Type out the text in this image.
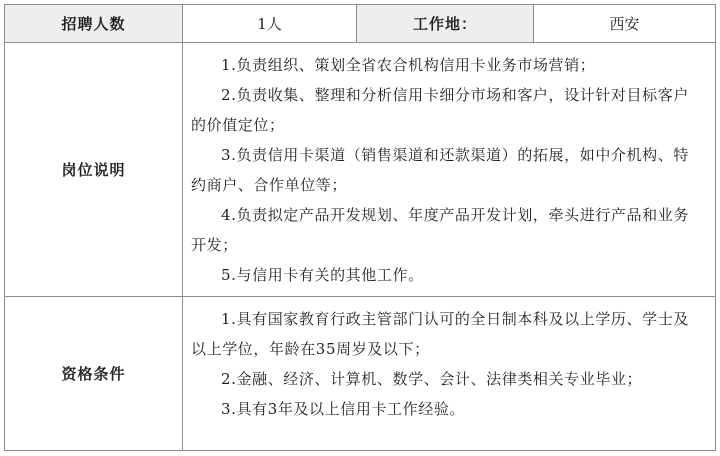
招聘人数	1人	工作地：	西安
岗位说明	1.负责组织、策划全省农合机构信用卡业务市场营销；

2.负责收集、整理和分析信用卡细分市场和客户，设计针对目标客户的价值定位；

3.负责信用卡渠道（销售渠道和还款渠道）的拓展，如中介机构、特约商户、合作单位等；

4.负责拟定产品开发规划、年度产品开发计划，牵头进行产品和业务开发；

5.与信用卡有关的其他工作。		

资格条件	1.具有国家教育行政主管部门认可的全日制本科及以上学历、学士及以上学位，年龄在35周岁及以下；

2.金融、经济、计算机、数学、会计、法律类相关专业毕业；

3.具有3年及以上信用卡工作经验。		
